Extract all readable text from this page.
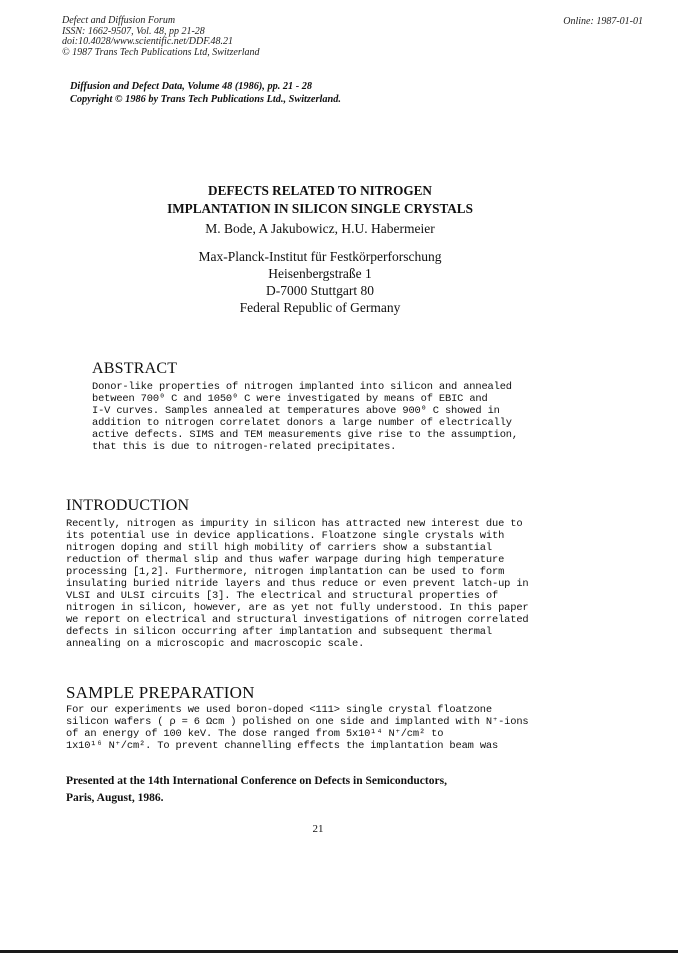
Defect and Diffusion Forum
ISSN: 1662-9507, Vol. 48, pp 21-28
doi:10.4028/www.scientific.net/DDF.48.21
© 1987 Trans Tech Publications Ltd, Switzerland
Online: 1987-01-01
Diffusion and Defect Data, Volume 48 (1986), pp. 21 - 28
Copyright © 1986 by Trans Tech Publications Ltd., Switzerland.
DEFECTS RELATED TO NITROGEN
IMPLANTATION IN SILICON SINGLE CRYSTALS
M. Bode, A Jakubowicz, H.U. Habermeier
Max-Planck-Institut für Festkörperforschung
Heisenbergstraße 1
D-7000 Stuttgart 80
Federal Republic of Germany
ABSTRACT
Donor-like properties of nitrogen implanted into silicon and annealed
between 700⁰ C and 1050⁰ C were investigated by means of EBIC and
I-V curves. Samples annealed at temperatures above 900⁰ C showed in
addition to nitrogen correlatet donors a large number of electrically
active defects. SIMS and TEM measurements give rise to the assumption,
that this is due to nitrogen-related precipitates.
INTRODUCTION
Recently, nitrogen as impurity in silicon has attracted new interest due to
its potential use in device applications. Floatzone single crystals with
nitrogen doping and still high mobility of carriers show a substantial
reduction of thermal slip and thus wafer warpage during high temperature
processing [1,2]. Furthermore, nitrogen implantation can be used to form
insulating buried nitride layers and thus reduce or even prevent latch-up in
VLSI and ULSI circuits [3]. The electrical and structural properties of
nitrogen in silicon, however, are as yet not fully understood. In this paper
we report on electrical and structural investigations of nitrogen correlated
defects in silicon occurring after implantation and subsequent thermal
annealing on a microscopic and macroscopic scale.
SAMPLE PREPARATION
For our experiments we used boron-doped <111> single crystal floatzone
silicon wafers ( ρ = 6 Ωcm ) polished on one side and implanted with N⁺-ions
of an energy of 100 keV. The dose ranged from 5x10¹⁴ N⁺/cm² to
1x10¹⁶ N⁺/cm². To prevent channelling effects the implantation beam was
Presented at the 14th International Conference on Defects in Semiconductors,
Paris, August, 1986.
21
